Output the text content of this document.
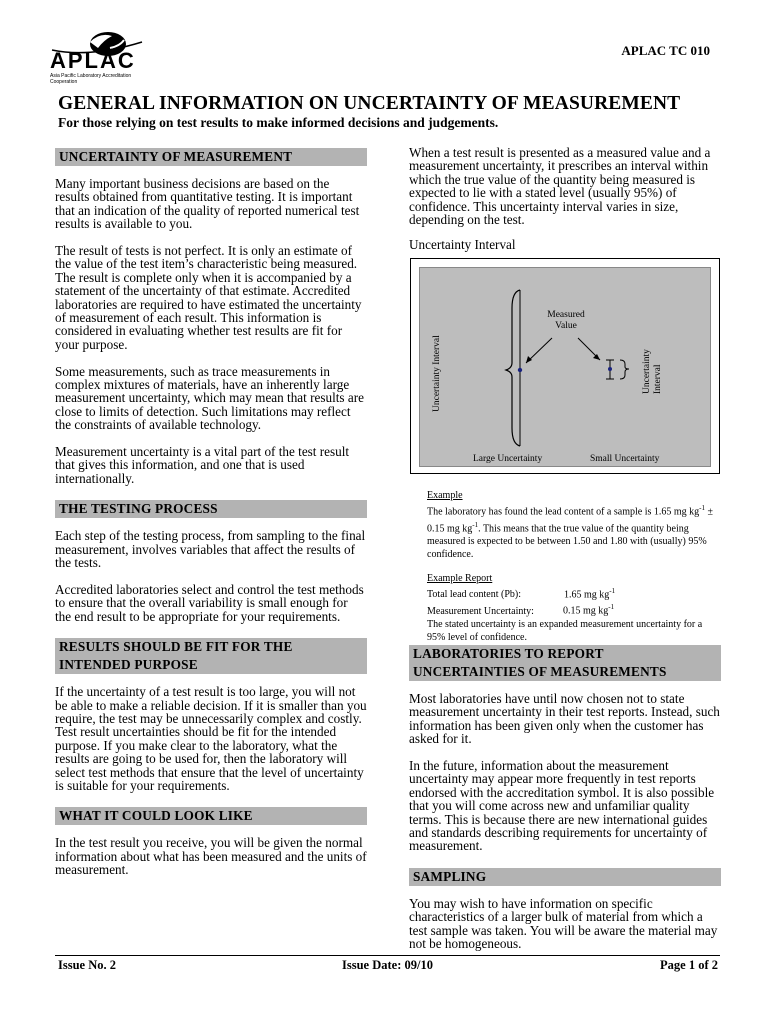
APLAC
Asia Pacific Laboratory Accreditation Cooperation
APLAC TC 010
GENERAL INFORMATION ON UNCERTAINTY OF MEASUREMENT
For those relying on test results to make informed decisions and judgements.
UNCERTAINTY OF MEASUREMENT

Many important business decisions are based on the results obtained from quantitative testing. It is important that an indication of the quality of reported numerical test results is available to you.

The result of tests is not perfect. It is only an estimate of the value of the test item’s characteristic being measured. The result is complete only when it is accompanied by a statement of the uncertainty of that estimate. Accredited laboratories are required to have estimated the uncertainty of measurement of each result. This information is considered in evaluating whether test results are fit for your purpose.

Some measurements, such as trace measurements in complex mixtures of materials, have an inherently large measurement uncertainty, which may mean that results are close to limits of detection. Such limitations may reflect the constraints of available technology.

Measurement uncertainty is a vital part of the test result that gives this information, and one that is used internationally.

THE TESTING PROCESS

Each step of the testing process, from sampling to the final measurement, involves variables that affect the results of the tests.

Accredited laboratories select and control the test methods to ensure that the overall variability is small enough for the end result to be appropriate for your requirements.

RESULTS SHOULD BE FIT FOR THE INTENDED PURPOSE

If the uncertainty of a test result is too large, you will not be able to make a reliable decision. If it is smaller than you require, the test may be unnecessarily complex and costly. Test result uncertainties should be fit for the intended purpose. If you make clear to the laboratory, what the results are going to be used for, then the laboratory will select test methods that ensure that the level of uncertainty is suitable for your requirements.

WHAT IT COULD LOOK LIKE

In the test result you receive, you will be given the normal information about what has been measured and the units of measurement.

When a test result is presented as a measured value and a measurement uncertainty, it prescribes an interval within which the true value of the quantity being measured is expected to lie with a stated level (usually 95%) of confidence. This uncertainty interval varies in size, depending on the test.

Uncertainty Interval
Measured
Value
Uncertainty Interval	Uncertainty Interval
Large Uncertainty	Small Uncertainty

Example
The laboratory has found the lead content of a sample is 1.65 mg $kg^{-1} \pm 0.15$ mg $kg^{-1}$. This means that the true value of the quantity being measured is expected to be between 1.50 and 1.80 with (usually) 95% confidence.

Example Report
Total lead content (Pb):	1.65 mg $kg^{-1}$
Measurement Uncertainty:	0.15 mg $kg^{-1}$
The stated uncertainty is an expanded measurement uncertainty for a 95% level of confidence.
LABORATORIES TO REPORT
UNCERTAINTIES OF MEASUREMENTS

Most laboratories have until now chosen not to state measurement uncertainty in their test reports. Instead, such information has been given only when the customer has asked for it.

In the future, information about the measurement uncertainty may appear more frequently in test reports endorsed with the accreditation symbol. It is also possible that you will come across new and unfamiliar quality terms. This is because there are new international guides and standards describing requirements for uncertainty of measurement.

SAMPLING

You may wish to have information on specific characteristics of a larger bulk of material from which a test sample was taken. You will be aware the material may not be homogeneous.

Issue No. 2	Issue Date: 09/10	Page 1 of 2
